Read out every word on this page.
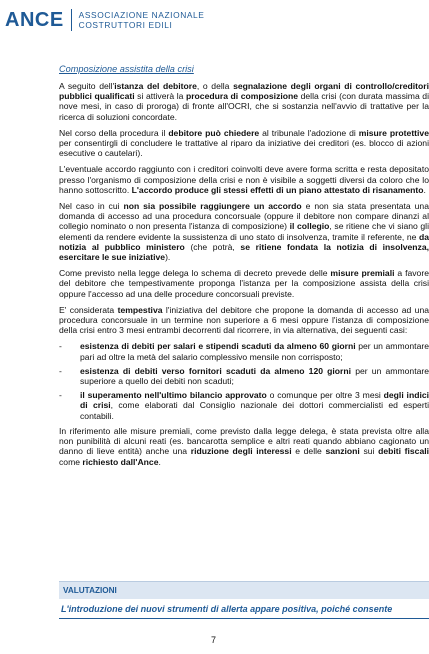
ANCE ASSOCIAZIONE NAZIONALE
COSTRUTTORI EDILI
Composizione assistita della crisi

A seguito dell'istanza del debitore, o della segnalazione degli organi di controllo/creditori pubblici qualificati si attiverà la procedura di composizione della crisi (con durata massima di nove mesi, in caso di proroga) di fronte all'OCRI, che si sostanzia nell'avvio di trattative per la ricerca di soluzioni concordate.

Nel corso della procedura il debitore può chiedere al tribunale l'adozione di misure protettive per consentirgli di concludere le trattative al riparo da iniziative dei creditori (es. blocco di azioni esecutive o cautelari).

L'eventuale accordo raggiunto con i creditori coinvolti deve avere forma scritta e resta depositato presso l'organismo di composizione della crisi e non è visibile a soggetti diversi da coloro che lo hanno sottoscritto. L'accordo produce gli stessi effetti di un piano attestato di risanamento.

Nel caso in cui non sia possibile raggiungere un accordo e non sia stata presentata una domanda di accesso ad una procedura concorsuale (oppure il debitore non compare dinanzi al collegio nominato o non presenta l'istanza di composizione) il collegio, se ritiene che vi siano gli elementi da rendere evidente la sussistenza di uno stato di insolvenza, tramite il referente, ne da notizia al pubblico ministero (che potrà, se ritiene fondata la notizia di insolvenza, esercitare le sue iniziative).

Come previsto nella legge delega lo schema di decreto prevede delle misure premiali a favore del debitore che tempestivamente proponga l'istanza per la composizione assista della crisi oppure l'accesso ad una delle procedure concorsuali previste.

E' considerata tempestiva l'iniziativa del debitore che propone la domanda di accesso ad una procedura concorsuale in un termine non superiore a 6 mesi oppure l'istanza di composizione della crisi entro 3 mesi entrambi decorrenti dal ricorrere, in via alternativa, dei seguenti casi:

- esistenza di debiti per salari e stipendi scaduti da almeno 60 giorni per un ammontare pari ad oltre la metà del salario complessivo mensile non corrisposto;
- esistenza di debiti verso fornitori scaduti da almeno 120 giorni per un ammontare superiore a quello dei debiti non scaduti;
- il superamento nell'ultimo bilancio approvato o comunque per oltre 3 mesi degli indici di crisi, come elaborati dal Consiglio nazionale dei dottori commercialisti ed esperti contabili.

In riferimento alle misure premiali, come previsto dalla legge delega, è stata prevista oltre alla non punibilità di alcuni reati (es. bancarotta semplice e altri reati quando abbiano cagionato un danno di lieve entità) anche una riduzione degli interessi e delle sanzioni sui debiti fiscali come richiesto dall'Ance.

VALUTAZIONI
L'introduzione dei nuovi strumenti di allerta appare positiva, poiché consente
7
